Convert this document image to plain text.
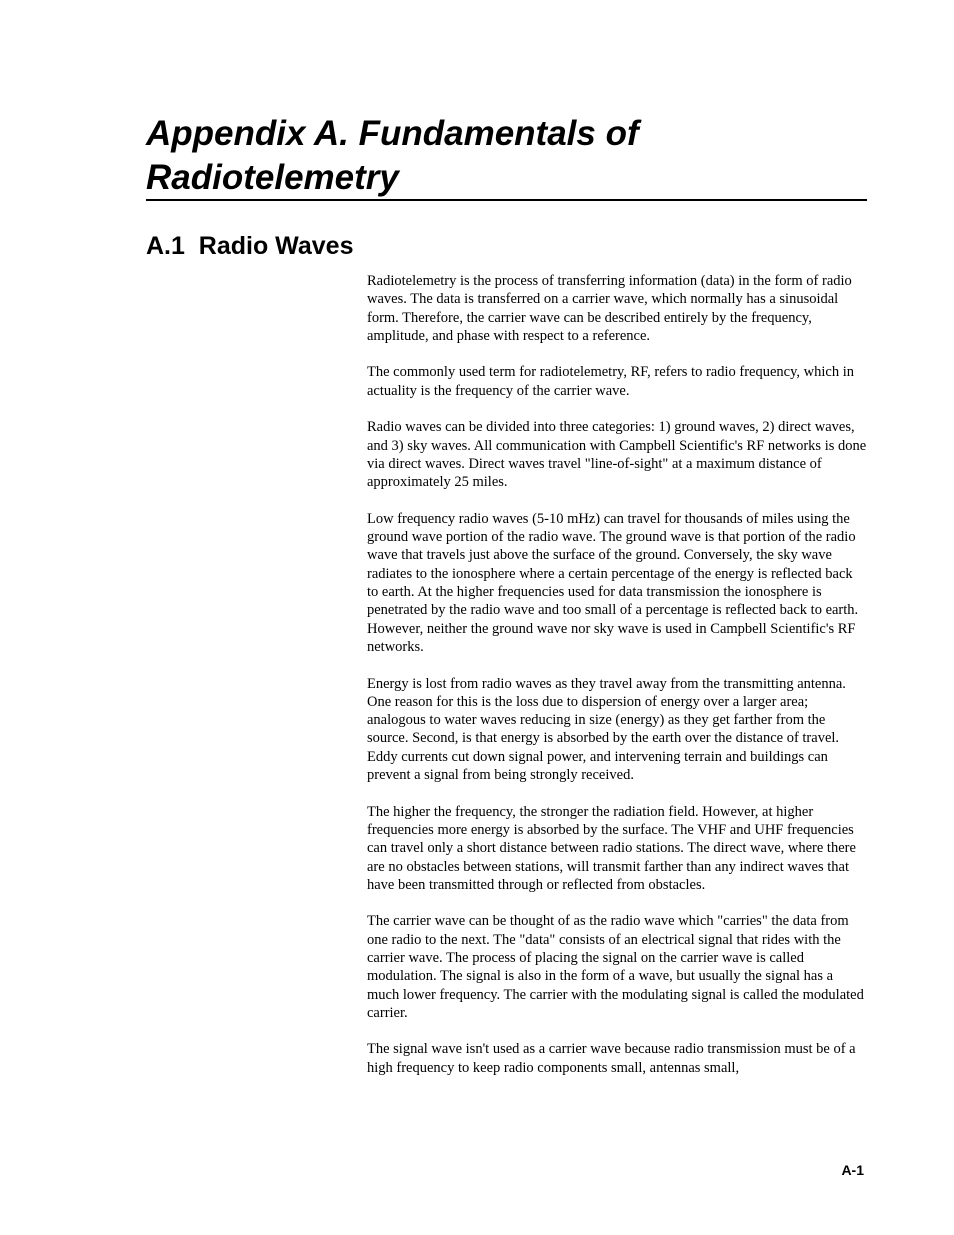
Appendix A. Fundamentals of Radiotelemetry
A.1  Radio Waves

Radiotelemetry is the process of transferring information (data) in the form of radio waves. The data is transferred on a carrier wave, which normally has a sinusoidal form. Therefore, the carrier wave can be described entirely by the frequency, amplitude, and phase with respect to a reference.

The commonly used term for radiotelemetry, RF, refers to radio frequency, which in actuality is the frequency of the carrier wave.

Radio waves can be divided into three categories: 1) ground waves, 2) direct waves, and 3) sky waves. All communication with Campbell Scientific's RF networks is done via direct waves. Direct waves travel "line-of-sight" at a maximum distance of approximately 25 miles.

Low frequency radio waves (5-10 mHz) can travel for thousands of miles using the ground wave portion of the radio wave. The ground wave is that portion of the radio wave that travels just above the surface of the ground. Conversely, the sky wave radiates to the ionosphere where a certain percentage of the energy is reflected back to earth. At the higher frequencies used for data transmission the ionosphere is penetrated by the radio wave and too small of a percentage is reflected back to earth. However, neither the ground wave nor sky wave is used in Campbell Scientific's RF networks.

Energy is lost from radio waves as they travel away from the transmitting antenna. One reason for this is the loss due to dispersion of energy over a larger area; analogous to water waves reducing in size (energy) as they get farther from the source. Second, is that energy is absorbed by the earth over the distance of travel. Eddy currents cut down signal power, and intervening terrain and buildings can prevent a signal from being strongly received.

The higher the frequency, the stronger the radiation field. However, at higher frequencies more energy is absorbed by the surface. The VHF and UHF frequencies can travel only a short distance between radio stations. The direct wave, where there are no obstacles between stations, will transmit farther than any indirect waves that have been transmitted through or reflected from obstacles.

The carrier wave can be thought of as the radio wave which "carries" the data from one radio to the next. The "data" consists of an electrical signal that rides with the carrier wave. The process of placing the signal on the carrier wave is called modulation. The signal is also in the form of a wave, but usually the signal has a much lower frequency. The carrier with the modulating signal is called the modulated carrier.

The signal wave isn't used as a carrier wave because radio transmission must be of a high frequency to keep radio components small, antennas small,

A-1
